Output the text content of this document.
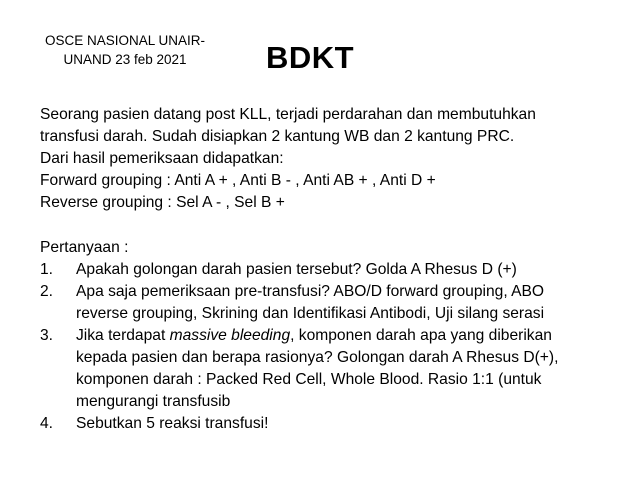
OSCE NASIONAL UNAIR-
UNAND 23 feb 2021	BDKT

Seorang pasien datang post KLL, terjadi perdarahan dan membutuhkan

transfusi darah. Sudah disiapkan 2 kantung WB dan 2 kantung PRC.

Dari hasil pemeriksaan didapatkan:

Forward grouping : Anti A + , Anti B - , Anti AB + , Anti D +

Reverse grouping : Sel A - , Sel B +

Pertanyaan :

1. Apakah golongan darah pasien tersebut? Golda A Rhesus D (+)
2. Apa saja pemeriksaan pre-transfusi? ABO/D forward grouping, ABO
reverse grouping, Skrining dan Identifikasi Antibodi, Uji silang serasi
3. Jika terdapat massive bleeding, komponen darah apa yang diberikan
kepada pasien dan berapa rasionya? Golongan darah A Rhesus D(+),
komponen darah : Packed Red Cell, Whole Blood. Rasio 1:1 (untuk
mengurangi transfusib
4. Sebutkan 5 reaksi transfusi!
